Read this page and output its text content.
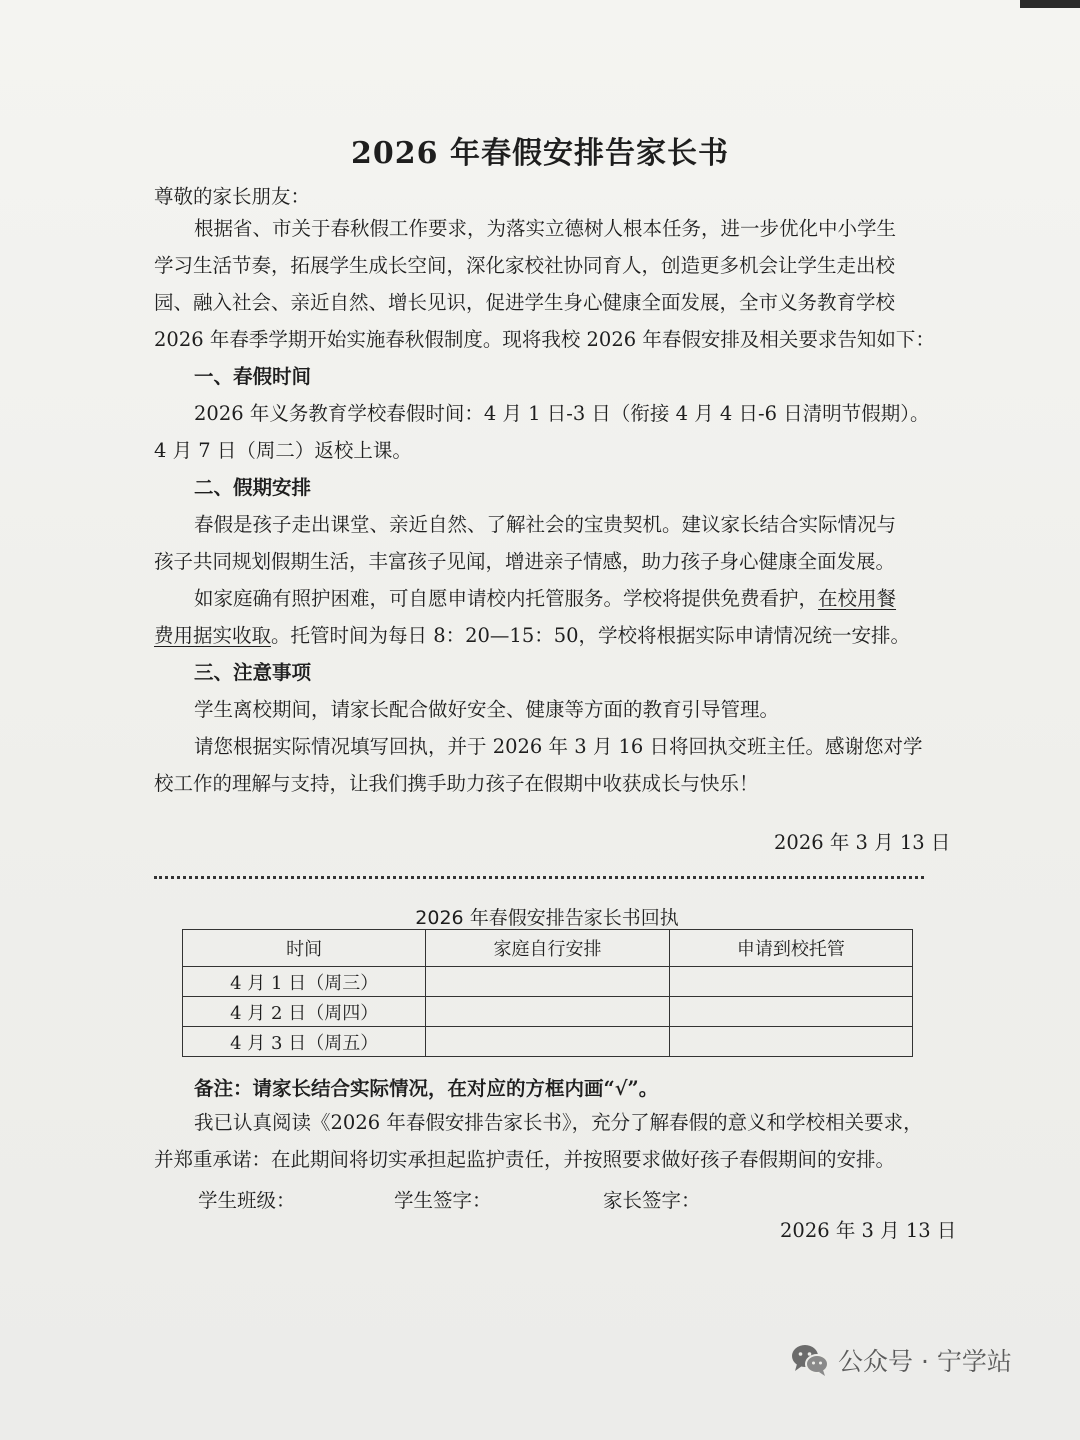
2026 年春假安排告家长书
尊敬的家长朋友：
根据省、市关于春秋假工作要求，为落实立德树人根本任务，进一步优化中小学生
学习生活节奏，拓展学生成长空间，深化家校社协同育人，创造更多机会让学生走出校
园、融入社会、亲近自然、增长见识，促进学生身心健康全面发展，全市义务教育学校
2026 年春季学期开始实施春秋假制度。现将我校 2026 年春假安排及相关要求告知如下：
一、春假时间
2026 年义务教育学校春假时间：4 月 1 日-3 日（衔接 4 月 4 日-6 日清明节假期）。
4 月 7 日（周二）返校上课。
二、假期安排
春假是孩子走出课堂、亲近自然、了解社会的宝贵契机。建议家长结合实际情况与
孩子共同规划假期生活，丰富孩子见闻，增进亲子情感，助力孩子身心健康全面发展。
如家庭确有照护困难，可自愿申请校内托管服务。学校将提供免费看护，在校用餐
费用据实收取。托管时间为每日 8：20—15：50，学校将根据实际申请情况统一安排。
三、注意事项
学生离校期间，请家长配合做好安全、健康等方面的教育引导管理。
请您根据实际情况填写回执，并于 2026 年 3 月 16 日将回执交班主任。感谢您对学
校工作的理解与支持，让我们携手助力孩子在假期中收获成长与快乐！
2026 年 3 月 13 日
2026 年春假安排告家长书回执
时间	家庭自行安排	申请到校托管
4 月 1 日（周三）		
4 月 2 日（周四）		
4 月 3 日（周五）		
备注：请家长结合实际情况，在对应的方框内画“√”。
我已认真阅读《2026 年春假安排告家长书》，充分了解春假的意义和学校相关要求，
并郑重承诺：在此期间将切实承担起监护责任，并按照要求做好孩子春假期间的安排。
学生班级：	学生签字：	家长签字：
2026 年 3 月 13 日
公众号 · 宁学站
